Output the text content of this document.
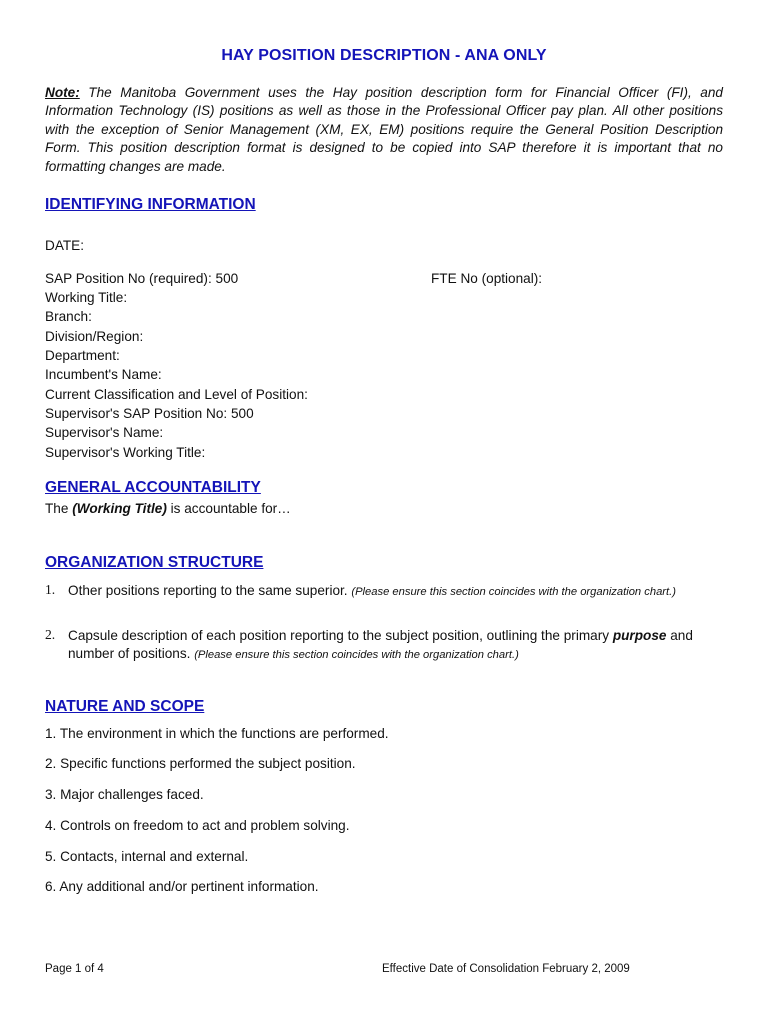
HAY POSITION DESCRIPTION - ANA ONLY
Note: The Manitoba Government uses the Hay position description form for Financial Officer (FI), and Information Technology (IS) positions as well as those in the Professional Officer pay plan. All other positions with the exception of Senior Management (XM, EX, EM) positions require the General Position Description Form. This position description format is designed to be copied into SAP therefore it is important that no formatting changes are made.
IDENTIFYING INFORMATION
DATE:
SAP Position No (required): 500	FTE No (optional):
Working Title:
Branch:
Division/Region:
Department:
Incumbent's Name:
Current Classification and Level of Position:
Supervisor's SAP Position No: 500
Supervisor's Name:
Supervisor's Working Title:
GENERAL ACCOUNTABILITY
The (Working Title) is accountable for…
ORGANIZATION STRUCTURE
1. Other positions reporting to the same superior. (Please ensure this section coincides with the organization chart.)
2. Capsule description of each position reporting to the subject position, outlining the primary purpose and number of positions. (Please ensure this section coincides with the organization chart.)
NATURE AND SCOPE
1. The environment in which the functions are performed.
2. Specific functions performed the subject position.
3. Major challenges faced.
4. Controls on freedom to act and problem solving.
5. Contacts, internal and external.
6. Any additional and/or pertinent information.
Page 1 of 4	Effective Date of Consolidation February 2, 2009
